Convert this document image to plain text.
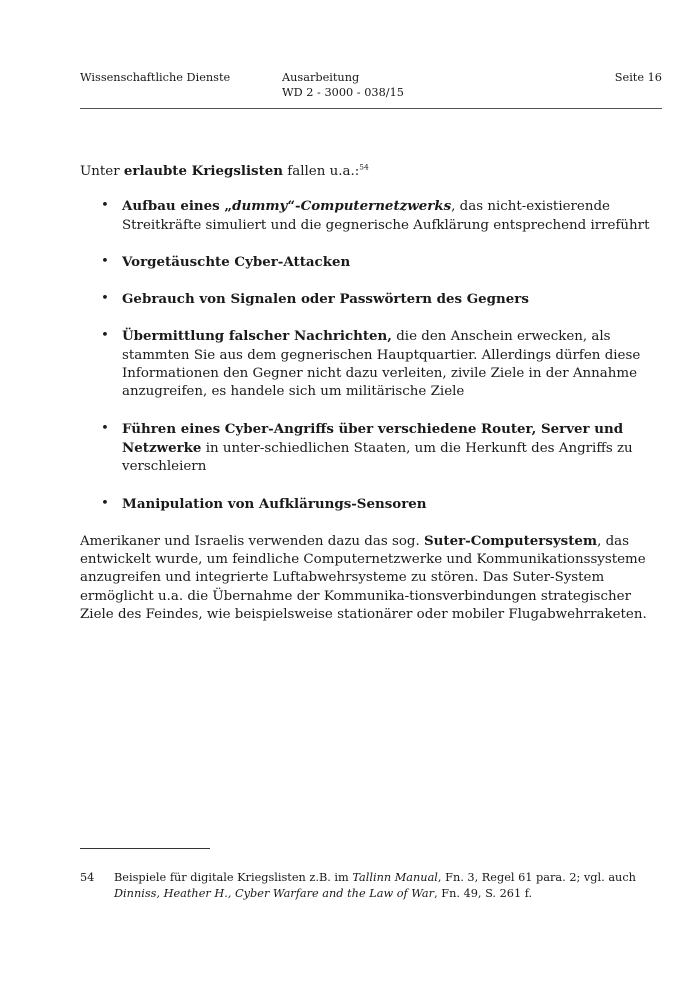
Wissenschaftliche Dienste	Ausarbeitung
WD 2 - 3000 - 038/15
Seite 16

Unter erlaubte Kriegslisten fallen u.a.:$^{54}$

• Aufbau eines „dummy“-Computernetzwerks, das nicht-existierende Streitkräfte simuliert und die gegnerische Aufklärung entsprechend irreführt
• Vorgetäuschte Cyber-Attacken
• Gebrauch von Signalen oder Passwörtern des Gegners
• Übermittlung falscher Nachrichten, die den Anschein erwecken, als stammten Sie aus dem gegnerischen Hauptquartier. Allerdings dürfen diese Informationen den Gegner nicht dazu verleiten, zivile Ziele in der Annahme anzugreifen, es handele sich um militärische Ziele
• Führen eines Cyber-Angriffs über verschiedene Router, Server und Netzwerke in unter-schiedlichen Staaten, um die Herkunft des Angriffs zu verschleiern
• Manipulation von Aufklärungs-Sensoren

Amerikaner und Israelis verwenden dazu das sog. Suter-Computersystem, das entwickelt wurde, um feindliche Computernetzwerke und Kommunikationssysteme anzugreifen und integrierte Luftabwehrsysteme zu stören. Das Suter-System ermöglicht u.a. die Übernahme der Kommunika-tionsverbindungen strategischer Ziele des Feindes, wie beispielsweise stationärer oder mobiler Flugabwehrraketen.

54 Beispiele für digitale Kriegslisten z.B. im Tallinn Manual, Fn. 3, Regel 61 para. 2; vgl. auch Dinniss, Heather H., Cyber Warfare and the Law of War, Fn. 49, S. 261 f.
